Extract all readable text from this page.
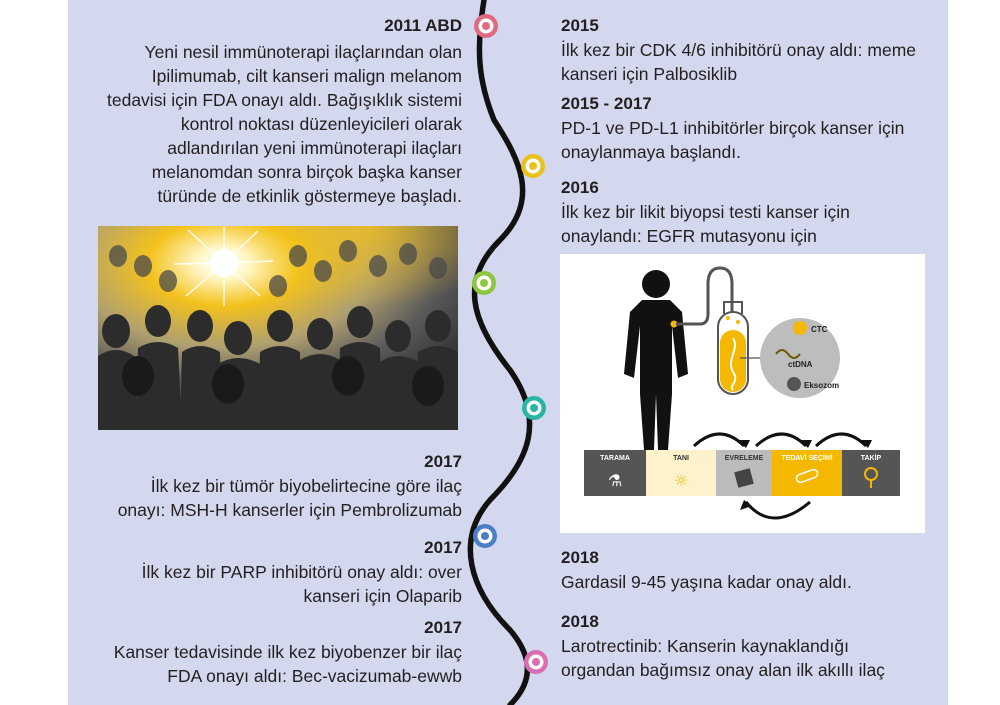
2011 ABD
Yeni nesil immünoterapi ilaçlarından olan
Ipilimumab, cilt kanseri malign melanom
tedavisi için FDA onayı aldı. Bağışıklık sistemi
kontrol noktası düzenleyicileri olarak
adlandırılan yeni immünoterapi ilaçları
melanomdan sonra birçok başka kanser
türünde de etkinlik göstermeye başladı.
2017
İlk kez bir tümör biyobelirtecine göre ilaç
onayı: MSH-H kanserler için Pembrolizumab
2017
İlk kez bir PARP inhibitörü onay aldı: over
kanseri için Olaparib
2017
Kanser tedavisinde ilk kez biyobenzer bir ilaç
FDA onayı aldı: Bec-vacizumab-ewwb
2015
İlk kez bir CDK 4/6 inhibitörü onay aldı: meme
kanseri için Palbosiklib
2015 - 2017
PD-1 ve PD-L1 inhibitörler birçok kanser için
onaylanmaya başlandı.
2016
İlk kez bir likit biyopsi testi kanser için
onaylandı: EGFR mutasyonu için
2018
Gardasil 9-45 yaşına kadar onay aldı.
2018
Larotrectinib: Kanserin kaynaklandığı
organdan bağımsız onay alan ilk akıllı ilaç
CTC
ctDNA
Eksozom
TARAMA
⚗
TANI
☼
EVRELEME	TEDAVİ SEÇİMİ	TAKİP
